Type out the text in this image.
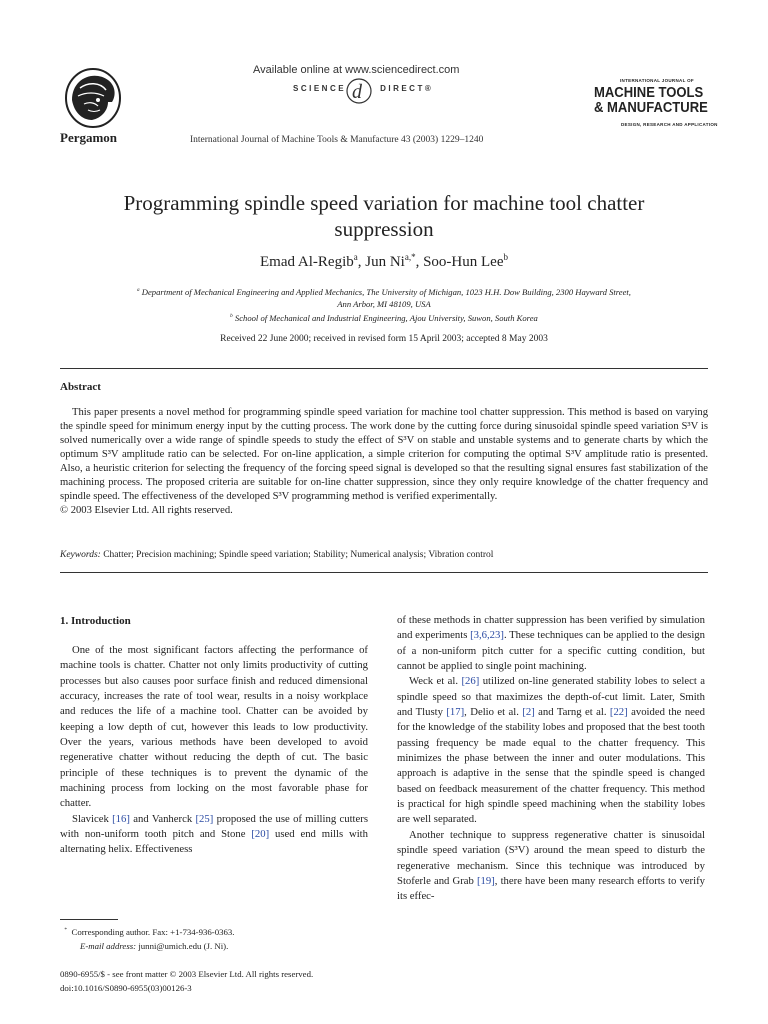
Pergamon
Available online at www.sciencedirect.com
SCIENCE	DIRECT®
d
International Journal of Machine Tools & Manufacture 43 (2003) 1229–1240
INTERNATIONAL JOURNAL OF
MACHINE TOOLS
& MANUFACTURE
DESIGN, RESEARCH AND APPLICATION
Programming spindle speed variation for machine tool chatter
suppression
Emad Al-Regib$^a$, Jun $Ni^{a,*}$, Soo-Hun Lee$^b$
$^a$ Department of Mechanical Engineering and Applied Mechanics, The University of Michigan, 1023 H.H. Dow Building, 2300 Hayward Street,
Ann Arbor, MI 48109, USA
$^b$ School of Mechanical and Industrial Engineering, Ajou University, Suwon, South Korea
Received 22 June 2000; received in revised form 15 April 2003; accepted 8 May 2003
Abstract

This paper presents a novel method for programming spindle speed variation for machine tool chatter suppression. This method is based on varying the spindle speed for minimum energy input by the cutting process. The work done by the cutting force during sinusoidal spindle speed variation S³V is solved numerically over a wide range of spindle speeds to study the effect of S³V on stable and unstable systems and to generate charts by which the optimum S³V amplitude ratio can be selected. For on-line application, a simple criterion for computing the optimal S³V amplitude ratio is presented. Also, a heuristic criterion for selecting the frequency of the forcing speed signal is developed so that the resulting signal ensures fast stabilization of the machining process. The proposed criteria are suitable for on-line chatter suppression, since they only require knowledge of the chatter frequency and spindle speed. The effectiveness of the developed S³V programming method is verified experimentally.

© 2003 Elsevier Ltd. All rights reserved.
Keywords: Chatter; Precision machining; Spindle speed variation; Stability; Numerical analysis; Vibration control
1. Introduction

One of the most significant factors affecting the performance of machine tools is chatter. Chatter not only limits productivity of cutting processes but also causes poor surface finish and reduced dimensional accuracy, increases the rate of tool wear, results in a noisy workplace and reduces the life of a machine tool. Chatter can be avoided by keeping a low depth of cut, however this leads to low productivity. Over the years, various methods have been developed to avoid regenerative chatter without reducing the depth of cut. The basic principle of these techniques is to prevent the dynamic of the machining process from locking on the most favorable phase for chatter.

Slavicek [16] and Vanherck [25] proposed the use of milling cutters with non-uniform tooth pitch and Stone [20] used end mills with alternating helix. Effectiveness

of these methods in chatter suppression has been verified by simulation and experiments [3,6,23]. These techniques can be applied to the design of a non-uniform pitch cutter for a specific cutting condition, but cannot be applied to single point machining.

Weck et al. [26] utilized on-line generated stability lobes to select a spindle speed so that maximizes the depth-of-cut limit. Later, Smith and Tlusty [17], Delio et al. [2] and Tarng et al. [22] avoided the need for the knowledge of the stability lobes and proposed that the best tooth passing frequency be made equal to the chatter frequency. This minimizes the phase between the inner and outer modulations. This approach is adaptive in the sense that the spindle speed is changed based on feedback measurement of the chatter frequency. This method is practical for high spindle speed machining when the stability lobes are well separated.

Another technique to suppress regenerative chatter is sinusoidal spindle speed variation (S³V) around the mean speed to disturb the regenerative mechanism. Since this technique was introduced by Stoferle and Grab [19], there have been many research efforts to verify its effec-

* Corresponding author. Fax: +1-734-936-0363.
E-mail address: junni@umich.edu (J. Ni).
0890-6955/$ - see front matter © 2003 Elsevier Ltd. All rights reserved.
doi:10.1016/S0890-6955(03)00126-3
